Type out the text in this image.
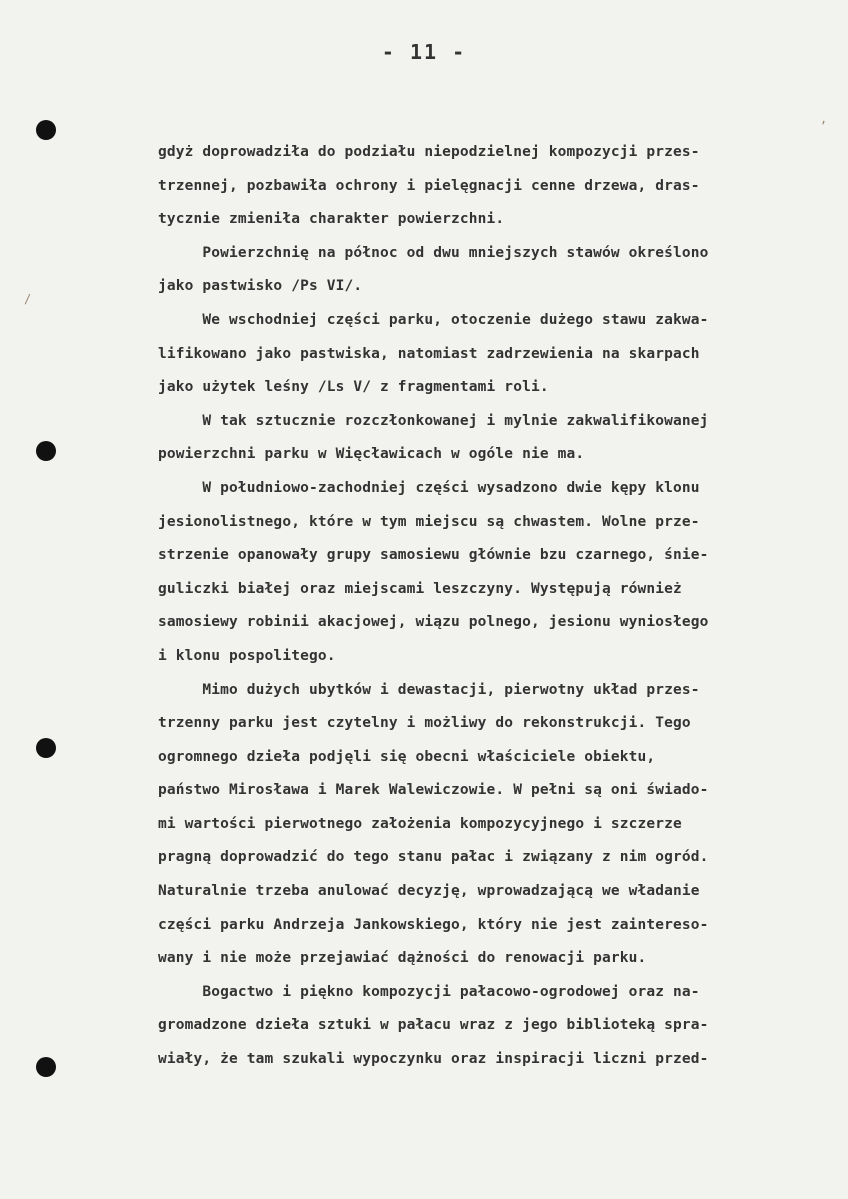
- 11 -
/
,
gdyż doprowadziła do podziału niepodzielnej kompozycji przes-
trzennej, pozbawiła ochrony i pielęgnacji cenne drzewa, dras-
tycznie zmieniła charakter powierzchni.
Powierzchnię na północ od dwu mniejszych stawów określono
jako pastwisko /Ps VI/.
We wschodniej części parku, otoczenie dużego stawu zakwa-
lifikowano jako pastwiska, natomiast zadrzewienia na skarpach
jako użytek leśny /Ls V/ z fragmentami roli.
W tak sztucznie rozczłonkowanej i mylnie zakwalifikowanej
powierzchni parku w Więcławicach w ogóle nie ma.
W południowo-zachodniej części wysadzono dwie kępy klonu
jesionolistnego, które w tym miejscu są chwastem. Wolne prze-
strzenie opanowały grupy samosiewu głównie bzu czarnego, śnie-
guliczki białej oraz miejscami leszczyny. Występują również
samosiewy robinii akacjowej, wiązu polnego, jesionu wyniosłego
i klonu pospolitego.
Mimo dużych ubytków i dewastacji, pierwotny układ przes-
trzenny parku jest czytelny i możliwy do rekonstrukcji. Tego
ogromnego dzieła podjęli się obecni właściciele obiektu,
państwo Mirosława i Marek Walewiczowie. W pełni są oni świado-
mi wartości pierwotnego założenia kompozycyjnego i szczerze
pragną doprowadzić do tego stanu pałac i związany z nim ogród.
Naturalnie trzeba anulować decyzję, wprowadzającą we władanie
części parku Andrzeja Jankowskiego, który nie jest zaintereso-
wany i nie może przejawiać dążności do renowacji parku.
Bogactwo i piękno kompozycji pałacowo-ogrodowej oraz na-
gromadzone dzieła sztuki w pałacu wraz z jego biblioteką spra-
wiały, że tam szukali wypoczynku oraz inspiracji liczni przed-
